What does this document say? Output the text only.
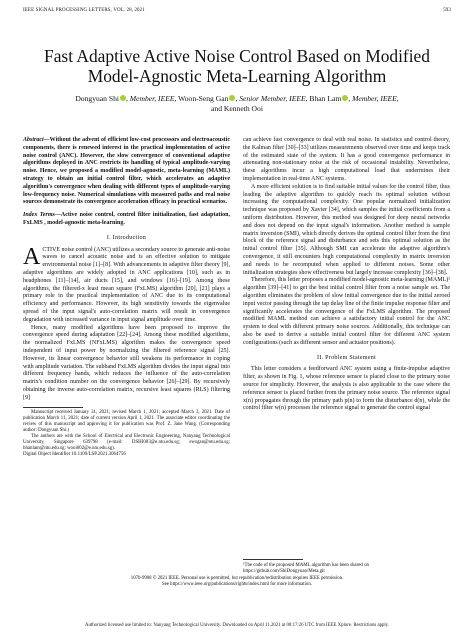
IEEE SIGNAL PROCESSING LETTERS, VOL. 28, 2021	593
Fast Adaptive Active Noise Control Based on Modified Model-Agnostic Meta-Learning Algorithm
Dongyuan Shi , Member, IEEE, Woon-Seng Gan , Senior Member, IEEE, Bhan Lam , Member, IEEE,
and Kenneth Ooi

Abstract—Without the advent of efficient low-cost processors and electroacoustic components, there is renewed interest in the practical implementation of active noise control (ANC). However, the slow convergence of conventional adaptive algorithms deployed in ANC restricts its handling of typical amplitude-varying noise. Hence, we proposed a modified model-agnostic, meta-learning (MAML) strategy to obtain an initial control filter, which accelerates an adaptive algorithm's convergence when dealing with different types of amplitude-varying low-frequency noise. Numerical simulations with measured paths and real noise sources demonstrate its convergence acceleration efficacy in practical scenarios.

Index Terms—Active noise control, control filter initialization, fast adaptation, FxLMS , model-agnostic meta-learning.

I. Introduction

ACTIVE noise control (ANC) utilizes a secondary source to generate anti-noise waves to cancel acoustic noise and is an effective solution to mitigate environmental noise [1]–[8]. With advancements in adaptive filter theory [9], adaptive algorithms are widely adopted in ANC applications [10], such as in headphones [11]–[14], air ducts [15], and windows [16]–[19]. Among these algorithms, the filtered-x least mean square (FxLMS) algorithm [20], [21] plays a primary role in the practical implementation of ANC due to its computational efficiency and performance. However, its high sensitivity towards the eigenvalue spread of the input signal's auto-correlation matrix will result in convergence degradation with increased variance in input signal amplitude over time.

Hence, many modified algorithms have been proposed to improve the convergence speed during adaptation [22]–[24]. Among these modified algorithms, the normalized FxLMS (NFxLMS) algorithm makes the convergence speed independent of input power by normalizing the filtered reference signal [25]. However, its linear convergence behavior still weakens its performance in coping with amplitude variation. The subband FxLMS algorithm divides the input signal into different frequency bands, which reduces the influence of the auto-correlation matrix's condition number on the convergence behavior [26]–[29]. By recursively obtaining the inverse auto-correlation matrix, recursive least squares (RLS) filtering [9]

Manuscript received January 31, 2021; revised March 1, 2021; accepted March 3, 2021. Date of publication March 11, 2021; date of current version April 1, 2021. The associate editor coordinating the review of this manuscript and approving it for publication was Prof. Z. Jane Wang. (Corresponding author: Dongyuan Shi.)

The authors are with the School of Electrical and Electronic Engineering, Nanyang Technological University, Singapore 639798 (e-mail: DSHI003@e.ntu.edu.sg; ewsgan@ntu.edu.sg; bhanlam@ntu.edu.sg; wooi002@e.ntu.edu.sg).

Digital Object Identifier 10.1109/LSP.2021.3064756

can achieve fast convergence to deal with real noise. In statistics and control theory, the Kalman filter [30]–[33] utilizes measurements observed over time and keeps track of the estimated state of the system. It has a good convergence performance in attenuating non-stationary noise at the risk of occasional instability. Nevertheless, these algorithms incur a high computational load that undermines their implementation in real-time ANC systems.

A more efficient solution is to find suitable initial values for the control filter, thus leading the adaptive algorithm to quickly reach its optimal solution without increasing the computational complexity. One popular normalized initialization technique was proposed by Xavier [34], which samples the initial coefficients from a uniform distribution. However, this method was designed for deep neural networks and does not depend on the input signal's information. Another method is sample matrix inversion (SMI), which directly derives the optimal control filter from the first block of the reference signal and disturbance and sets this optimal solution as the initial control filter [35]. Although SMI can accelerate the adaptive algorithm's convergence, it still encounters high computational complexity in matrix inversion and needs to be recomputed when applied to different noises. Some other initialization strategies show effectiveness but largely increase complexity [36]–[38].

Therefore, this letter proposes a modified model-agnostic meta-learning (MAML)¹ algorithm [39]–[41] to get the best initial control filter from a noise sample set. The algorithm eliminates the problem of slow initial convergence due to the initial zeroed input vector passing through the tap delay line of the finite impulse response filter and significantly accelerates the convergence of the FxLMS algorithm. The proposed modified MAML method can achieve a satisfactory initial control for the ANC system to deal with different primary noise sources. Additionally, this technique can also be used to derive a suitable initial control filter for different ANC system configurations (such as different sensor and actuator positions).

II. Problem Statement

This letter considers a feedforward ANC system using a finite-impulse adaptive filter, as shown in Fig. 1, whose reference sensor is placed close to the primary noise source for simplicity. However, the analysis is also applicable to the case where the reference sensor is placed further from the primary noise source. The reference signal x(n) propagates through the primary path p(n) to form the disturbance d(n), while the control filter w(n) processes the reference signal to generate the control signal

¹The code of the proposed MAML algorithm has been shared on https://github.com/ShiDongyuan/Meta.git
1070-9908 © 2021 IEEE. Personal use is permitted, but republication/redistribution requires IEEE permission.
See https://www.ieee.org/publications/rights/index.html for more information.
Authorized licensed use limited to: Nanyang Technological University. Downloaded on April 11,2021 at 08:17:26 UTC from IEEE Xplore. Restrictions apply.
